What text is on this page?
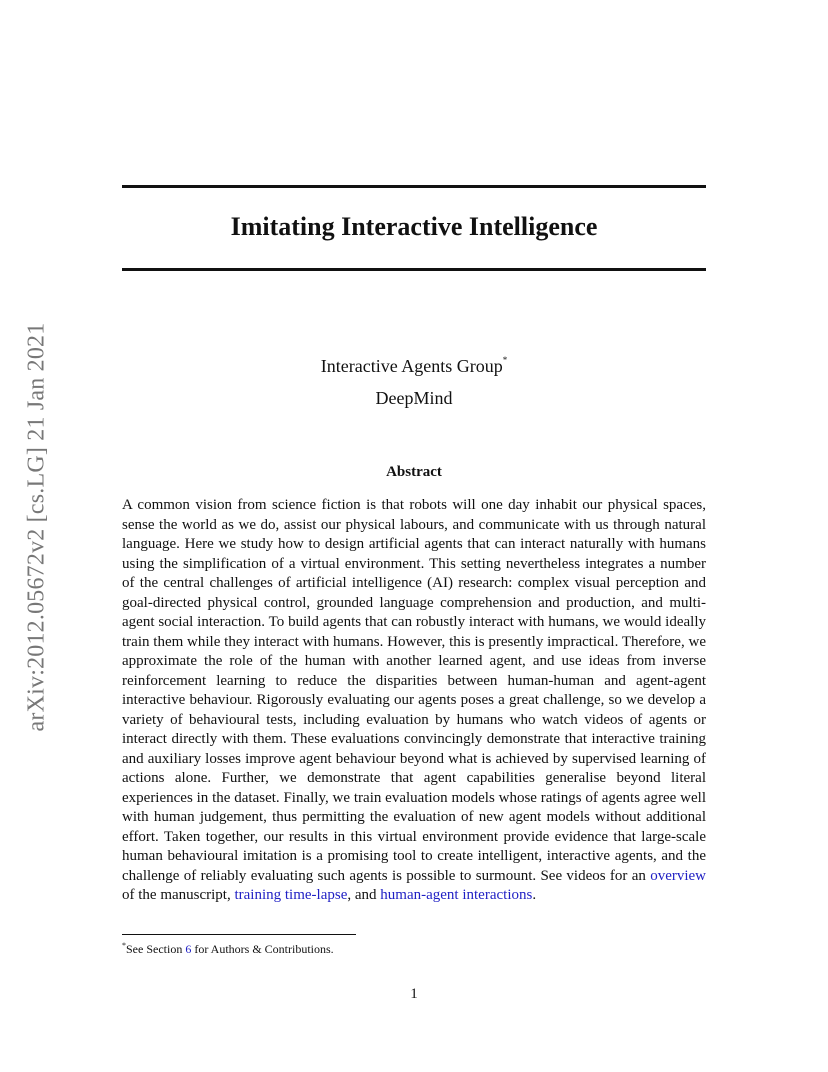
arXiv:2012.05672v2 [cs.LG] 21 Jan 2021
Imitating Interactive Intelligence
Interactive Agents Group*
DeepMind
Abstract

A common vision from science fiction is that robots will one day inhabit our physical spaces, sense the world as we do, assist our physical labours, and communicate with us through natural language. Here we study how to design artificial agents that can interact naturally with humans using the simplification of a virtual environment. This setting nevertheless integrates a number of the central challenges of artificial intelligence (AI) research: complex visual perception and goal-directed physical control, grounded language comprehension and production, and multi-agent social interaction. To build agents that can robustly interact with humans, we would ideally train them while they interact with humans. However, this is presently impractical. Therefore, we approximate the role of the human with another learned agent, and use ideas from inverse reinforcement learning to reduce the disparities between human-human and agent-agent interactive behaviour. Rigorously evaluating our agents poses a great challenge, so we develop a variety of behavioural tests, including evaluation by humans who watch videos of agents or interact directly with them. These evaluations convincingly demonstrate that interactive training and auxiliary losses improve agent behaviour beyond what is achieved by supervised learning of actions alone. Further, we demonstrate that agent capabilities generalise beyond literal experiences in the dataset. Finally, we train evaluation models whose ratings of agents agree well with human judgement, thus permitting the evaluation of new agent models without additional effort. Taken together, our results in this virtual environment provide evidence that large-scale human behavioural imitation is a promising tool to create intelligent, interactive agents, and the challenge of reliably evaluating such agents is possible to surmount. See videos for an overview of the manuscript, training time-lapse, and human-agent interactions.

*See Section 6 for Authors & Contributions.
1
